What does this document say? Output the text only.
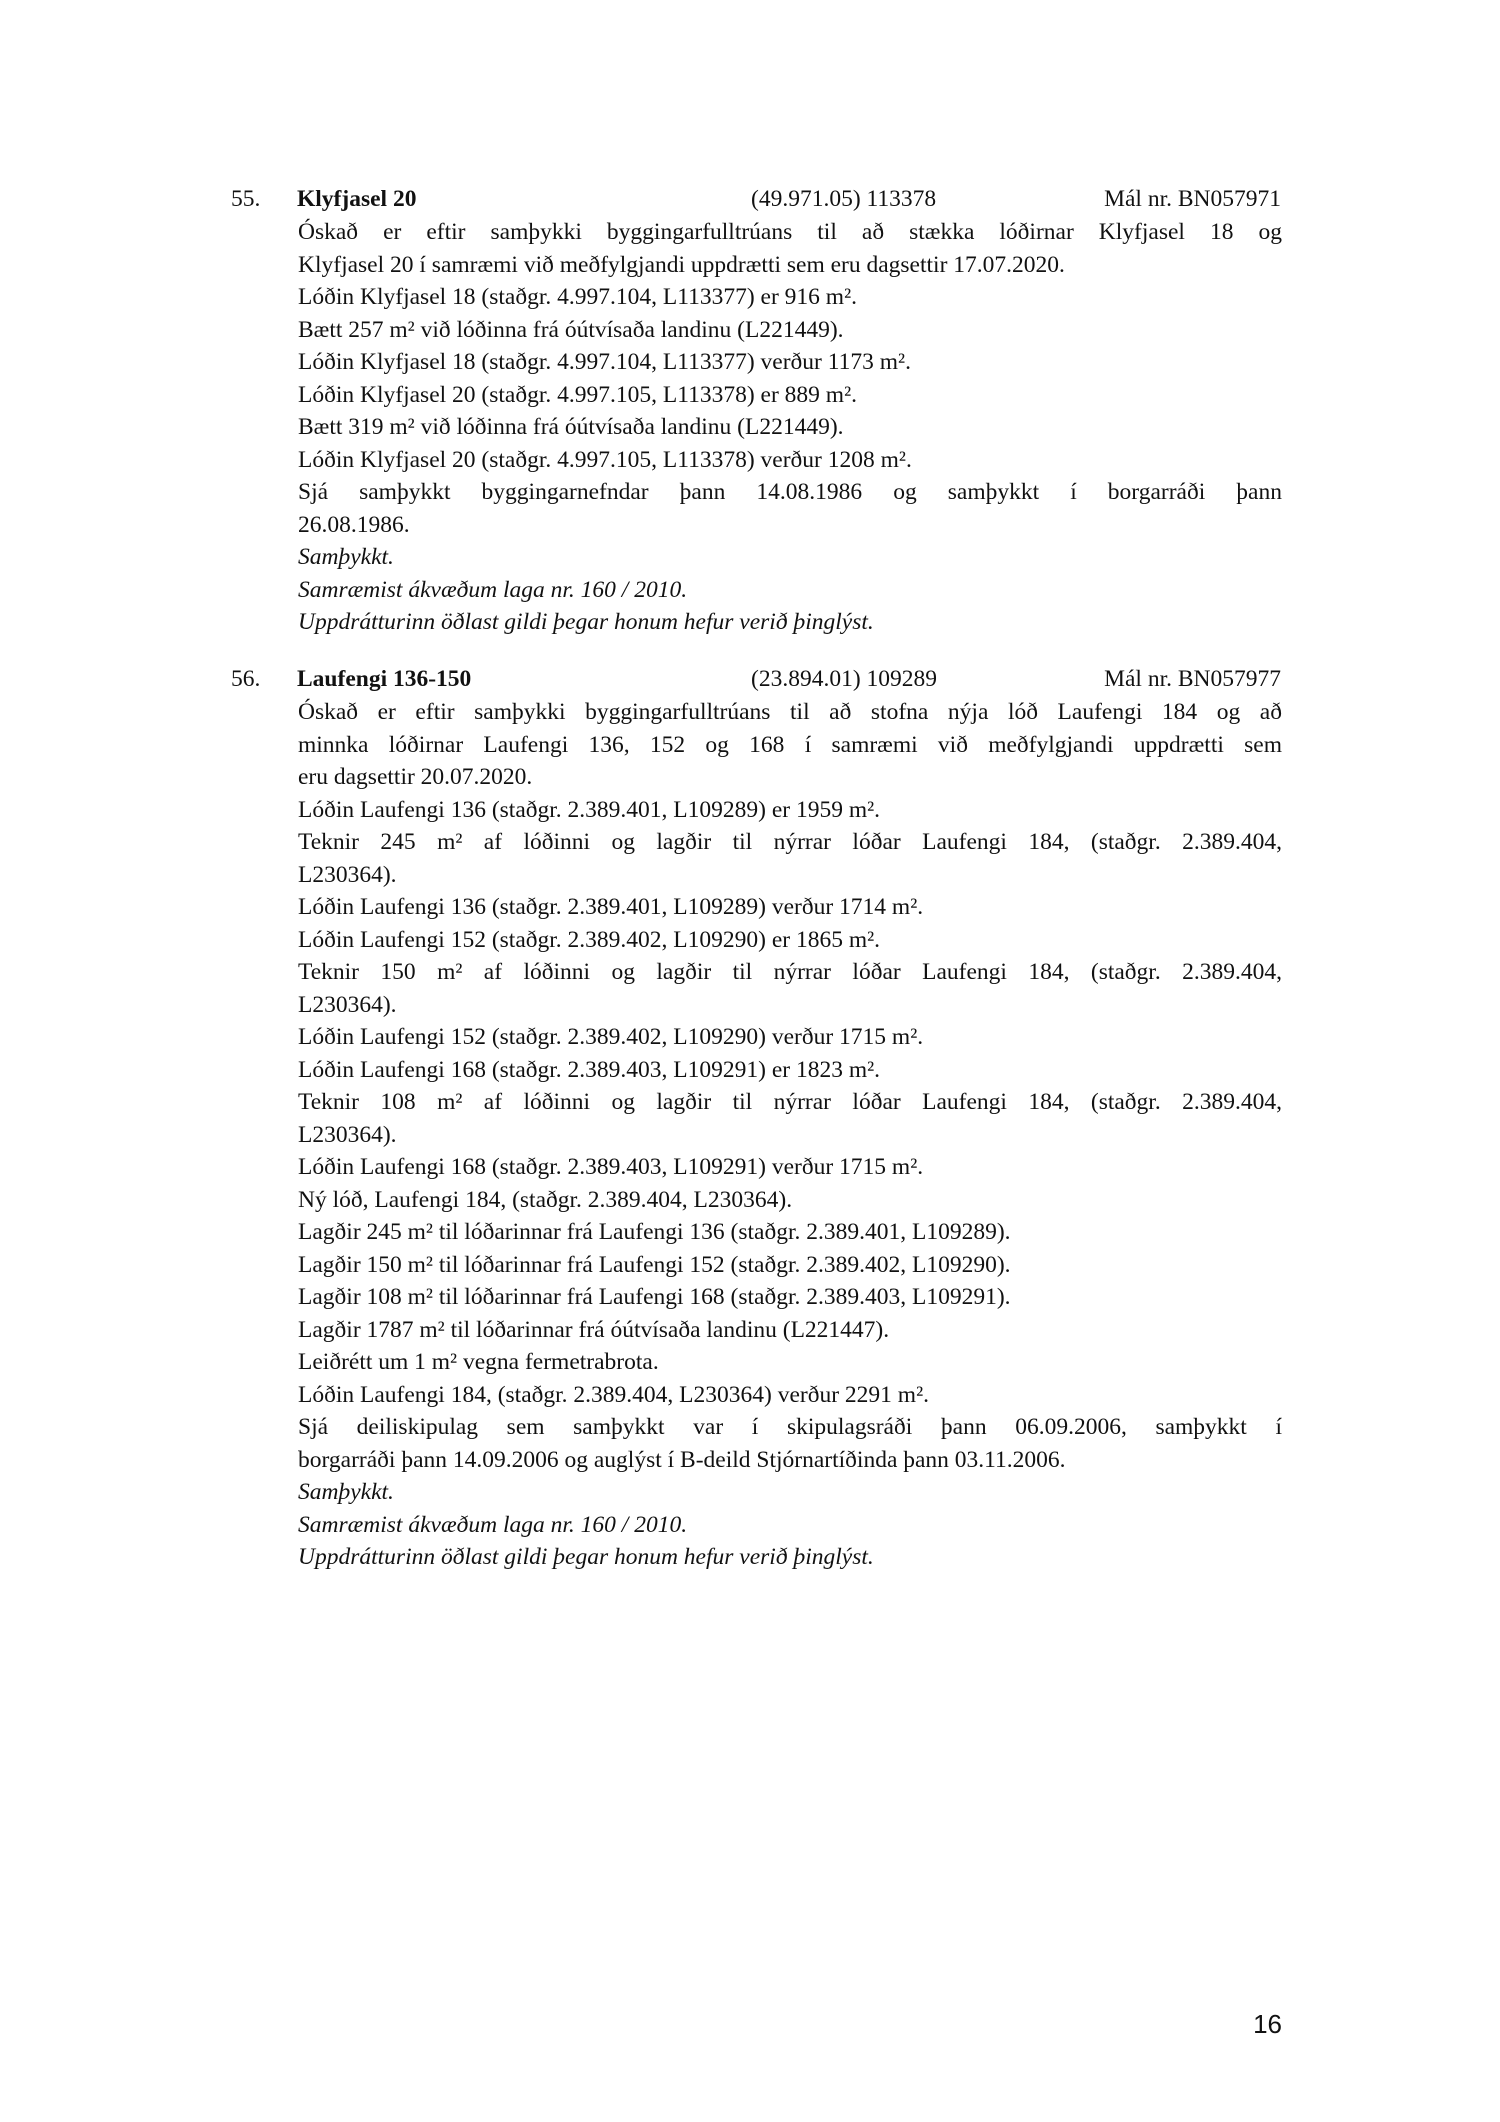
55. Klyfjasel 20	(49.971.05) 113378	Mál nr. BN057971
Óskað er eftir samþykki byggingarfulltrúans til að stækka lóðirnar Klyfjasel 18 og
Klyfjasel 20 í samræmi við meðfylgjandi uppdrætti sem eru dagsettir 17.07.2020.
Lóðin Klyfjasel 18 (staðgr. 4.997.104, L113377) er 916 m².
Bætt 257 m² við lóðinna frá óútvísaða landinu (L221449).
Lóðin Klyfjasel 18 (staðgr. 4.997.104, L113377) verður 1173 m².
Lóðin Klyfjasel 20 (staðgr. 4.997.105, L113378) er 889 m².
Bætt 319 m² við lóðinna frá óútvísaða landinu (L221449).
Lóðin Klyfjasel 20 (staðgr. 4.997.105, L113378) verður 1208 m².
Sjá samþykkt byggingarnefndar þann 14.08.1986 og samþykkt í borgarráði þann
26.08.1986.
Samþykkt.
Samræmist ákvæðum laga nr. 160 / 2010.
Uppdrátturinn öðlast gildi þegar honum hefur verið þinglýst.
56. Laufengi 136-150	(23.894.01) 109289	Mál nr. BN057977
Óskað er eftir samþykki byggingarfulltrúans til að stofna nýja lóð Laufengi 184 og að
minnka lóðirnar Laufengi 136, 152 og 168 í samræmi við meðfylgjandi uppdrætti sem
eru dagsettir 20.07.2020.
Lóðin Laufengi 136 (staðgr. 2.389.401, L109289) er 1959 m².
Teknir 245 m² af lóðinni og lagðir til nýrrar lóðar Laufengi 184, (staðgr. 2.389.404,
L230364).
Lóðin Laufengi 136 (staðgr. 2.389.401, L109289) verður 1714 m².
Lóðin Laufengi 152 (staðgr. 2.389.402, L109290) er 1865 m².
Teknir 150 m² af lóðinni og lagðir til nýrrar lóðar Laufengi 184, (staðgr. 2.389.404,
L230364).
Lóðin Laufengi 152 (staðgr. 2.389.402, L109290) verður 1715 m².
Lóðin Laufengi 168 (staðgr. 2.389.403, L109291) er 1823 m².
Teknir 108 m² af lóðinni og lagðir til nýrrar lóðar Laufengi 184, (staðgr. 2.389.404,
L230364).
Lóðin Laufengi 168 (staðgr. 2.389.403, L109291) verður 1715 m².
Ný lóð, Laufengi 184, (staðgr. 2.389.404, L230364).
Lagðir 245 m² til lóðarinnar frá Laufengi 136 (staðgr. 2.389.401, L109289).
Lagðir 150 m² til lóðarinnar frá Laufengi 152 (staðgr. 2.389.402, L109290).
Lagðir 108 m² til lóðarinnar frá Laufengi 168 (staðgr. 2.389.403, L109291).
Lagðir 1787 m² til lóðarinnar frá óútvísaða landinu (L221447).
Leiðrétt um 1 m² vegna fermetrabrota.
Lóðin Laufengi 184, (staðgr. 2.389.404, L230364) verður 2291 m².
Sjá deiliskipulag sem samþykkt var í skipulagsráði þann 06.09.2006, samþykkt í
borgarráði þann 14.09.2006 og auglýst í B-deild Stjórnartíðinda þann 03.11.2006.
Samþykkt.
Samræmist ákvæðum laga nr. 160 / 2010.
Uppdrátturinn öðlast gildi þegar honum hefur verið þinglýst.
16
